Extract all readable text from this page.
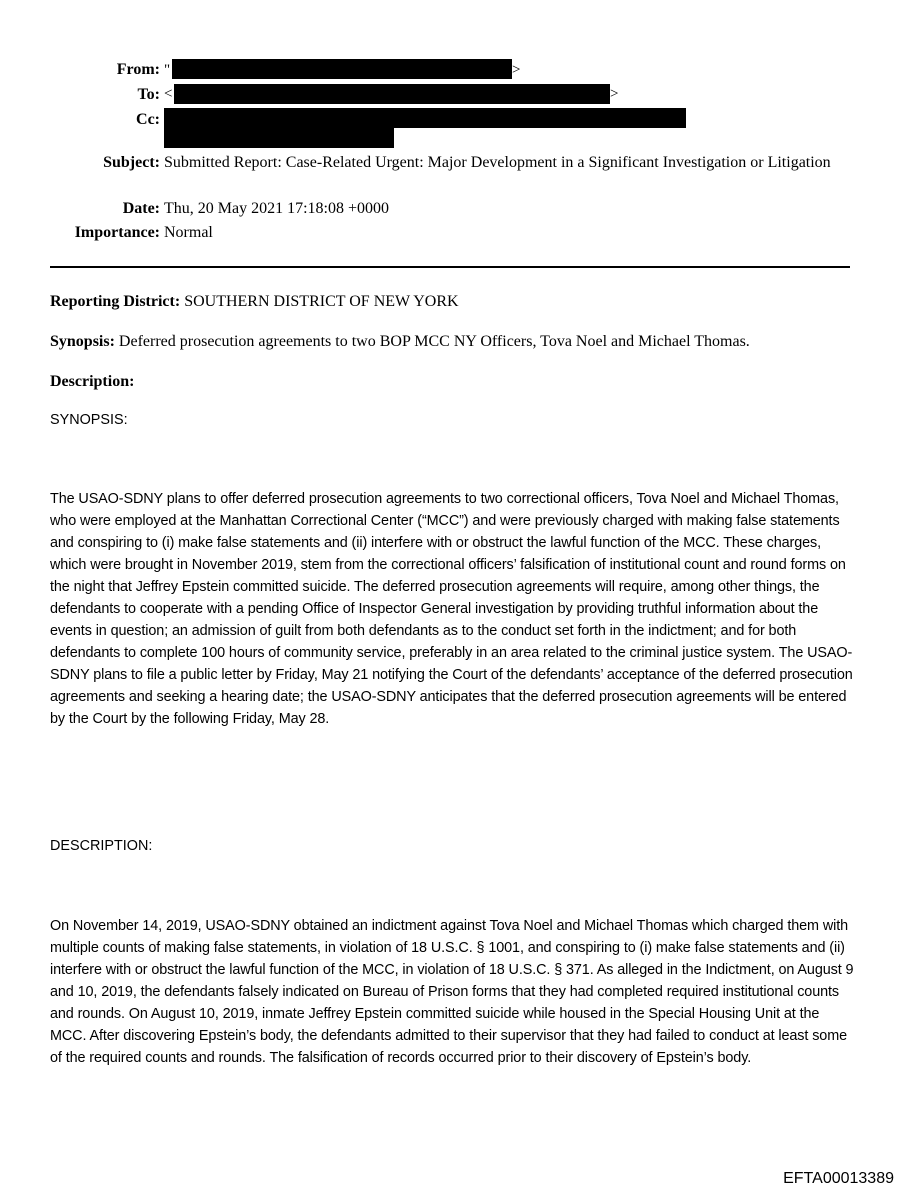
From: "	>
To: <	>
Cc:
Subject: Submitted Report: Case-Related Urgent: Major Development in a Significant Investigation or Litigation
Date: Thu, 20 May 2021 17:18:08 +0000
Importance: Normal
Reporting District: SOUTHERN DISTRICT OF NEW YORK
Synopsis: Deferred prosecution agreements to two BOP MCC NY Officers, Tova Noel and Michael Thomas.
Description:
SYNOPSIS:
The USAO-SDNY plans to offer deferred prosecution agreements to two correctional officers, Tova Noel and Michael Thomas, who were employed at the Manhattan Correctional Center (“MCC”) and were previously charged with making false statements and conspiring to (i) make false statements and (ii) interfere with or obstruct the lawful function of the MCC. These charges, which were brought in November 2019, stem from the correctional officers’ falsification of institutional count and round forms on the night that Jeffrey Epstein committed suicide. The deferred prosecution agreements will require, among other things, the defendants to cooperate with a pending Office of Inspector General investigation by providing truthful information about the events in question; an admission of guilt from both defendants as to the conduct set forth in the indictment; and for both defendants to complete 100 hours of community service, preferably in an area related to the criminal justice system. The USAO-SDNY plans to file a public letter by Friday, May 21 notifying the Court of the defendants’ acceptance of the deferred prosecution agreements and seeking a hearing date; the USAO-SDNY anticipates that the deferred prosecution agreements will be entered by the Court by the following Friday, May 28.
DESCRIPTION:
On November 14, 2019, USAO-SDNY obtained an indictment against Tova Noel and Michael Thomas which charged them with multiple counts of making false statements, in violation of 18 U.S.C. § 1001, and conspiring to (i) make false statements and (ii) interfere with or obstruct the lawful function of the MCC, in violation of 18 U.S.C. § 371. As alleged in the Indictment, on August 9 and 10, 2019, the defendants falsely indicated on Bureau of Prison forms that they had completed required institutional counts and rounds. On August 10, 2019, inmate Jeffrey Epstein committed suicide while housed in the Special Housing Unit at the MCC. After discovering Epstein’s body, the defendants admitted to their supervisor that they had failed to conduct at least some of the required counts and rounds. The falsification of records occurred prior to their discovery of Epstein’s body.
EFTA00013389
